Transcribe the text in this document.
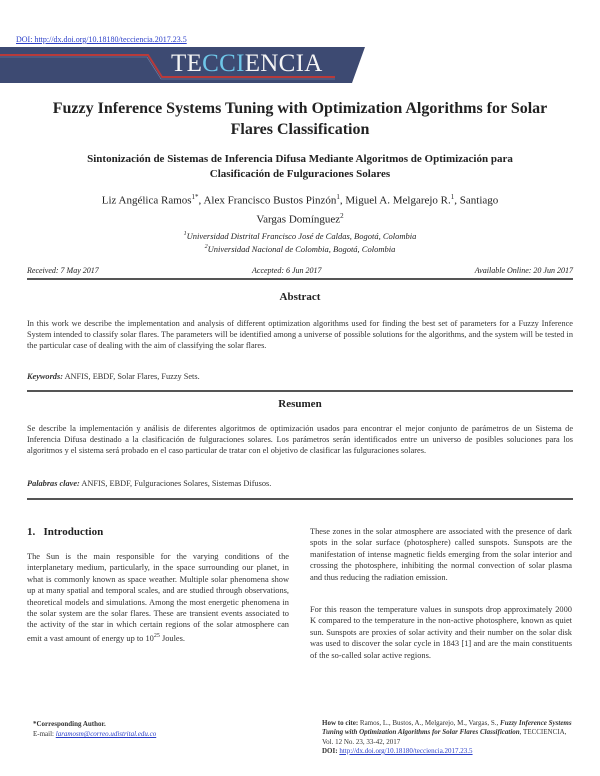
DOI: http://dx.doi.org/10.18180/tecciencia.2017.23.5
TECCIENCIA
Fuzzy Inference Systems Tuning with Optimization Algorithms for Solar Flares Classification
Sintonización de Sistemas de Inferencia Difusa Mediante Algoritmos de Optimización para Clasificación de Fulguraciones Solares
Liz Angélica Ramos$^{1*}$, Alex Francisco Bustos Pinzón$^1$, Miguel A. Melgarejo R.$^1$, Santiago Vargas Domínguez$^2$
$^1$Universidad Distrital Francisco José de Caldas, Bogotá, Colombia
$^2$Universidad Nacional de Colombia, Bogotá, Colombia
Received: 7 May 2017	Accepted: 6 Jun 2017	Available Online: 20 Jun 2017
Abstract
In this work we describe the implementation and analysis of different optimization algorithms used for finding the best set of parameters for a Fuzzy Inference System intended to classify solar flares. The parameters will be identified among a universe of possible solutions for the algorithms, and the system will be tested in the particular case of dealing with the aim of classifying the solar flares.
Keywords: ANFIS, EBDF, Solar Flares, Fuzzy Sets.
Resumen
Se describe la implementación y análisis de diferentes algoritmos de optimización usados para encontrar el mejor conjunto de parámetros de un Sistema de Inferencia Difusa destinado a la clasificación de fulguraciones solares. Los parámetros serán identificados entre un universo de posibles soluciones para los algoritmos y el sistema será probado en el caso particular de tratar con el objetivo de clasificar las fulguraciones solares.
Palabras clave: ANFIS, EBDF, Fulguraciones Solares, Sistemas Difusos.
1.   Introduction
The Sun is the main responsible for the varying conditions of the interplanetary medium, particularly, in the space surrounding our planet, in what is commonly known as space weather. Multiple solar phenomena show up at many spatial and temporal scales, and are studied through observations, theoretical models and simulations. Among the most energetic phenomena in the solar system are the solar flares. These are transient events associated to the activity of the star in which certain regions of the solar atmosphere can emit a vast amount of energy up to $10^{25}$ Joules.
These zones in the solar atmosphere are associated with the presence of dark spots in the solar surface (photosphere) called sunspots. Sunspots are the manifestation of intense magnetic fields emerging from the solar interior and crossing the photosphere, inhibiting the normal convection of solar plasma and thus reducing the radiation emission.
For this reason the temperature values in sunspots drop approximately 2000 K compared to the temperature in the non-active photosphere, known as quiet sun. Sunspots are proxies of solar activity and their number on the solar disk was used to discover the solar cycle in 1843 [1] and are the main constituents of the so-called solar active regions.
*Corresponding Author.
E-mail: laramosm@correo.udistrital.edu.co
How to cite: Ramos, L., Bustos, A., Melgarejo, M., Vargas, S., Fuzzy Inference Systems Tuning with Optimization Algorithms for Solar Flares Classification, TECCIENCIA, Vol. 12 No. 23, 33-42, 2017
DOI: http://dx.doi.org/10.18180/tecciencia.2017.23.5
